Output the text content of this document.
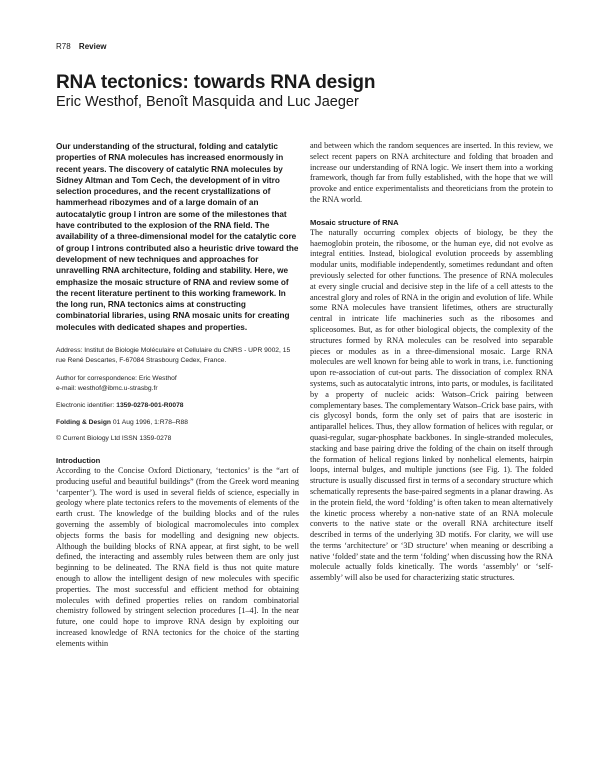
R78 Review
RNA tectonics: towards RNA design
Eric Westhof, Benoît Masquida and Luc Jaeger

Our understanding of the structural, folding and catalytic properties of RNA molecules has increased enormously in recent years. The discovery of catalytic RNA molecules by Sidney Altman and Tom Cech, the development of in vitro selection procedures, and the recent crystallizations of hammerhead ribozymes and of a large domain of an autocatalytic group I intron are some of the milestones that have contributed to the explosion of the RNA field. The availability of a three-dimensional model for the catalytic core of group I introns contributed also a heuristic drive toward the development of new techniques and approaches for unravelling RNA architecture, folding and stability. Here, we emphasize the mosaic structure of RNA and review some of the recent literature pertinent to this working framework. In the long run, RNA tectonics aims at constructing combinatorial libraries, using RNA mosaic units for creating molecules with dedicated shapes and properties.

Address: Institut de Biologie Moléculaire et Cellulaire du CNRS - UPR 9002, 15 rue René Descartes, F-67084 Strasbourg Cedex, France.
Author for correspondence: Eric Westhof
e-mail: westhof@ibmc.u-strasbg.fr
Electronic identifier: 1359-0278-001-R0078
Folding & Design 01 Aug 1996, 1:R78–R88
© Current Biology Ltd ISSN 1359-0278
Introduction

According to the Concise Oxford Dictionary, ‘tectonics’ is the “art of producing useful and beautiful buildings” (from the Greek word meaning ‘carpenter’). The word is used in several fields of science, especially in geology where plate tectonics refers to the movements of elements of the earth crust. The knowledge of the building blocks and of the rules governing the assembly of biological macromolecules into complex objects forms the basis for modelling and designing new objects. Although the building blocks of RNA appear, at first sight, to be well defined, the interacting and assembly rules between them are only just beginning to be delineated. The RNA field is thus not quite mature enough to allow the intelligent design of new molecules with specific properties. The most successful and efficient method for obtaining molecules with defined properties relies on random combinatorial chemistry followed by stringent selection procedures [1–4]. In the near future, one could hope to improve RNA design by exploiting our increased knowledge of RNA tectonics for the choice of the starting elements within

and between which the random sequences are inserted. In this review, we select recent papers on RNA architecture and folding that broaden and increase our understanding of RNA logic. We insert them into a working framework, though far from fully established, with the hope that we will provoke and entice experimentalists and theoreticians from the protein to the RNA world.

Mosaic structure of RNA

The naturally occurring complex objects of biology, be they the haemoglobin protein, the ribosome, or the human eye, did not evolve as integral entities. Instead, biological evolution proceeds by assembling modular units, modifiable independently, sometimes redundant and often previously selected for other functions. The presence of RNA molecules at every single crucial and decisive step in the life of a cell attests to the ancestral glory and roles of RNA in the origin and evolution of life. While some RNA molecules have transient lifetimes, others are structurally central in intricate life machineries such as the ribosomes and spliceosomes. But, as for other biological objects, the complexity of the structures formed by RNA molecules can be resolved into separable pieces or modules as in a three-dimensional mosaic. Large RNA molecules are well known for being able to work in trans, i.e. functioning upon re-association of cut-out parts. The dissociation of complex RNA systems, such as autocatalytic introns, into parts, or modules, is facilitated by a property of nucleic acids: Watson–Crick pairing between complementary bases. The complementary Watson–Crick base pairs, with cis glycosyl bonds, form the only set of pairs that are isosteric in antiparallel helices. Thus, they allow formation of helices with regular, or quasi-regular, sugar-phosphate backbones. In single-stranded molecules, stacking and base pairing drive the folding of the chain on itself through the formation of helical regions linked by nonhelical elements, hairpin loops, internal bulges, and multiple junctions (see Fig. 1). The folded structure is usually discussed first in terms of a secondary structure which schematically represents the base-paired segments in a planar drawing. As in the protein field, the word ‘folding’ is often taken to mean alternatively the kinetic process whereby a non-native state of an RNA molecule converts to the native state or the overall RNA architecture itself described in terms of the underlying 3D motifs. For clarity, we will use the terms ‘architecture’ or ‘3D structure’ when meaning or describing a native ‘folded’ state and the term ‘folding’ when discussing how the RNA molecule actually folds kinetically. The words ‘assembly’ or ‘self-assembly’ will also be used for characterizing static structures.
